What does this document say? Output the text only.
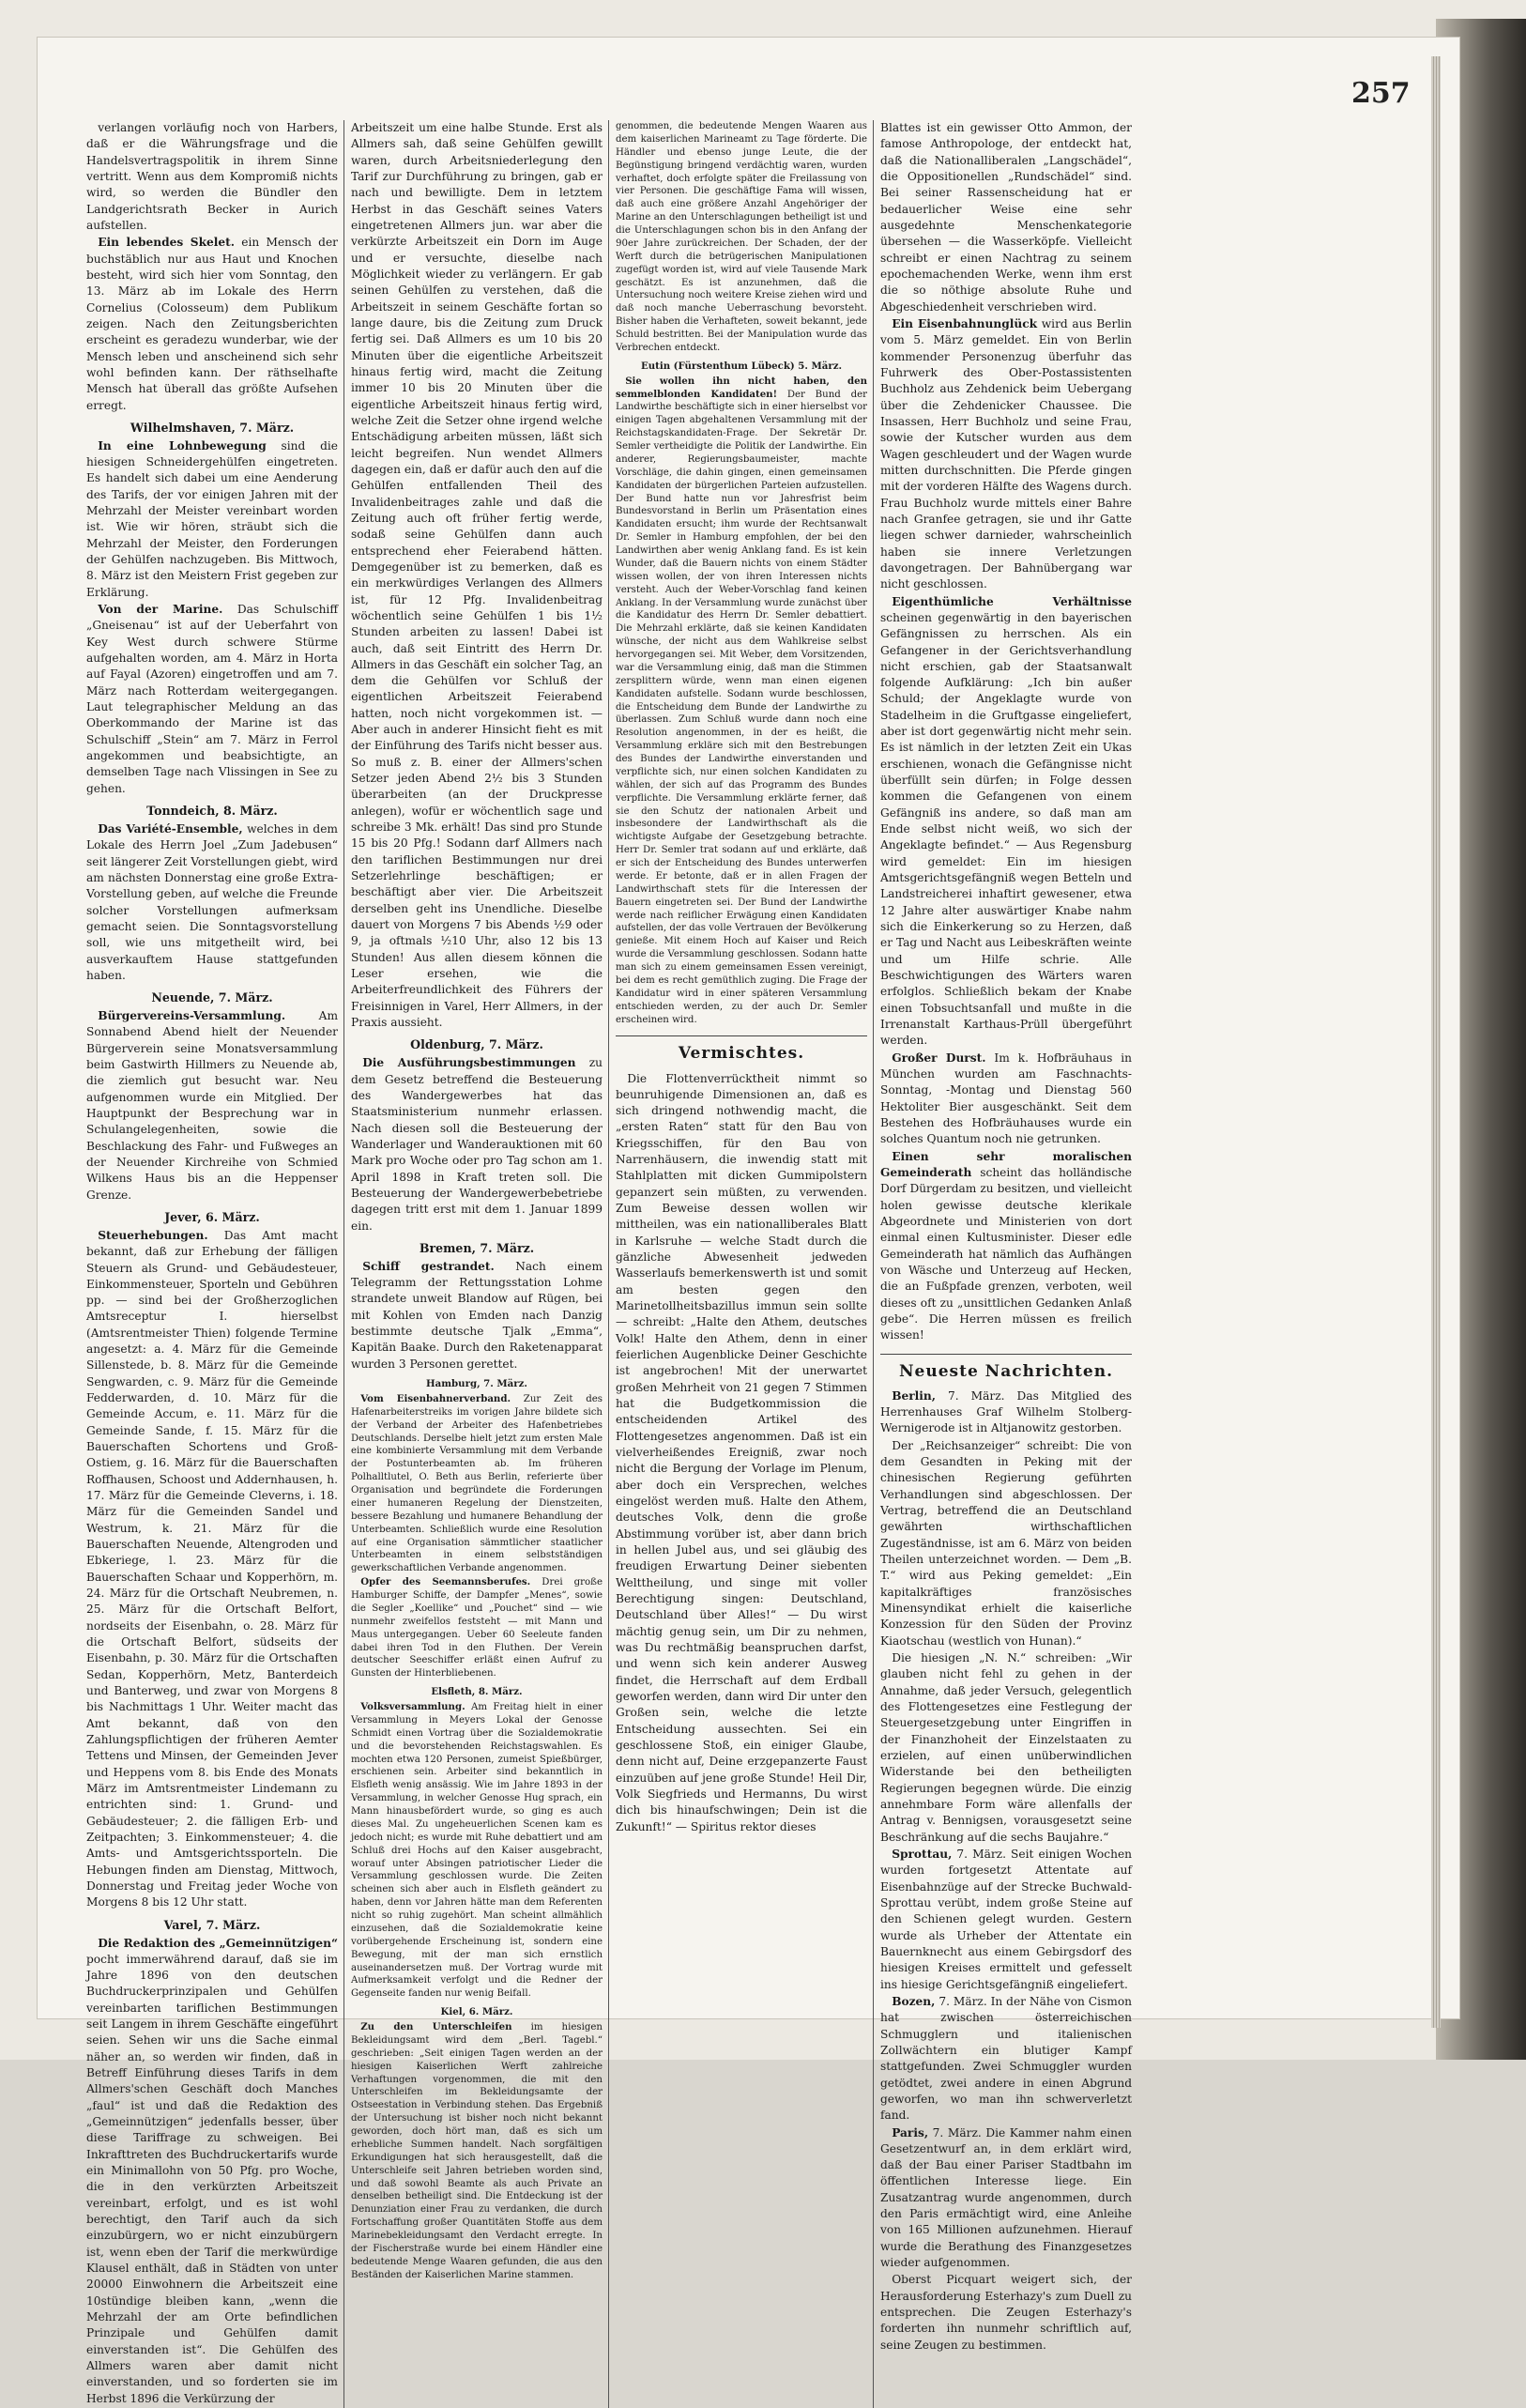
257

verlangen vorläufig noch von Harbers, daß er die Währungsfrage und die Handelsvertragspolitik in ihrem Sinne vertritt. Wenn aus dem Kompromiß nichts wird, so werden die Bündler den Landgerichtsrath Becker in Aurich aufstellen.

Ein lebendes Skelet. ein Mensch der buchstäblich nur aus Haut und Knochen besteht, wird sich hier vom Sonntag, den 13. März ab im Lokale des Herrn Cornelius (Colosseum) dem Publikum zeigen. Nach den Zeitungsberichten erscheint es geradezu wunderbar, wie der Mensch leben und anscheinend sich sehr wohl befinden kann. Der räthselhafte Mensch hat überall das größte Aufsehen erregt.

Wilhelmshaven, 7. März.

In eine Lohnbewegung sind die hiesigen Schneidergehülfen eingetreten. Es handelt sich dabei um eine Aenderung des Tarifs, der vor einigen Jahren mit der Mehrzahl der Meister vereinbart worden ist. Wie wir hören, sträubt sich die Mehrzahl der Meister, den Forderungen der Gehülfen nachzugeben. Bis Mittwoch, 8. März ist den Meistern Frist gegeben zur Erklärung.

Von der Marine. Das Schulschiff „Gneisenau“ ist auf der Ueberfahrt von Key West durch schwere Stürme aufgehalten worden, am 4. März in Horta auf Fayal (Azoren) eingetroffen und am 7. März nach Rotterdam weitergegangen. Laut telegraphischer Meldung an das Oberkommando der Marine ist das Schulschiff „Stein“ am 7. März in Ferrol angekommen und beabsichtigte, an demselben Tage nach Vlissingen in See zu gehen.

Tonndeich, 8. März.

Das Variété-Ensemble, welches in dem Lokale des Herrn Joel „Zum Jadebusen“ seit längerer Zeit Vorstellungen giebt, wird am nächsten Donnerstag eine große Extra-Vorstellung geben, auf welche die Freunde solcher Vorstellungen aufmerksam gemacht seien. Die Sonntagsvorstellung soll, wie uns mitgetheilt wird, bei ausverkauftem Hause stattgefunden haben.

Neuende, 7. März.

Bürgervereins-Versammlung.	Am Sonnabend Abend hielt der Neuender Bürgerverein seine Monatsversammlung beim Gastwirth Hillmers zu Neuende ab, die ziemlich gut besucht war. Neu aufgenommen wurde ein Mitglied. Der Hauptpunkt der Besprechung war in Schulangelegenheiten, sowie die Beschlackung des Fahr- und Fußweges an der Neuender Kirchreihe von Schmied Wilkens Haus bis an die Heppenser Grenze.

Jever, 6. März.

Steuerhebungen. Das Amt macht bekannt, daß zur Erhebung der fälligen Steuern als Grund- und Gebäudesteuer, Einkommensteuer, Sporteln und Gebühren pp. — sind bei der Großherzoglichen Amtsreceptur I. hierselbst (Amtsrentmeister Thien) folgende Termine angesetzt: a. 4. März für die Gemeinde Sillenstede, b. 8. März für die Gemeinde Sengwarden, c. 9. März für die Gemeinde Fedderwarden, d. 10. März für die Gemeinde Accum, e. 11. März für die Gemeinde Sande, f. 15. März für die Bauerschaften Schortens und Groß-Ostiem, g. 16. März für die Bauerschaften Roffhausen, Schoost und Addernhausen, h. 17. März für die Gemeinde Cleverns, i. 18. März für die Gemeinden Sandel und Westrum, k. 21. März für die Bauerschaften Neuende, Altengroden und Ebkeriege, l. 23. März für die Bauerschaften Schaar und Kopperhörn, m. 24. März für die Ortschaft Neubremen, n. 25. März für die Ortschaft Belfort, nordseits der Eisenbahn, o. 28. März für die Ortschaft Belfort, südseits der Eisenbahn, p. 30. März für die Ortschaften Sedan, Kopperhörn, Metz, Banterdeich und Banterweg, und zwar von Morgens 8 bis Nachmittags 1 Uhr. Weiter macht das Amt bekannt, daß von den Zahlungspflichtigen der früheren Aemter Tettens und Minsen, der Gemeinden Jever und Heppens vom 8. bis Ende des Monats März im Amtsrentmeister Lindemann zu entrichten sind: 1. Grund- und Gebäudesteuer; 2. die fälligen Erb- und Zeitpachten; 3. Einkommensteuer; 4. die Amts- und Amtsgerichtssporteln. Die Hebungen finden am Dienstag, Mittwoch, Donnerstag und Freitag jeder Woche von Morgens 8 bis 12 Uhr statt.

Varel, 7. März.

Die Redaktion des „Gemeinnützigen“ pocht immerwährend darauf, daß sie im Jahre 1896 von den deutschen Buchdruckerprinzipalen und Gehülfen vereinbarten tariflichen Bestimmungen seit Langem in ihrem Geschäfte eingeführt seien. Sehen wir uns die Sache einmal näher an, so werden wir finden, daß in Betreff Einführung dieses Tarifs in dem Allmers'schen Geschäft doch Manches „faul“ ist und daß die Redaktion des „Gemeinnützigen“ jedenfalls besser, über diese Tariffrage zu schweigen. Bei Inkrafttreten des Buchdruckertarifs wurde ein Minimallohn von 50 Pfg. pro Woche, die in den verkürzten Arbeitszeit vereinbart, erfolgt, und es ist wohl berechtigt, den Tarif auch da sich einzubürgern, wo er nicht einzubürgern ist, wenn eben der Tarif die merkwürdige Klausel enthält, daß in Städten von unter 20000 Einwohnern die Arbeitszeit eine 10stündige bleiben kann, „wenn die Mehrzahl der am Orte befindlichen Prinzipale und Gehülfen damit einverstanden ist“. Die Gehülfen des Allmers waren aber damit nicht einverstanden, und so forderten sie im Herbst 1896 die Verkürzung der

Arbeitszeit um eine halbe Stunde. Erst als Allmers sah, daß seine Gehülfen gewillt waren, durch Arbeitsniederlegung den Tarif zur Durchführung zu bringen, gab er nach und bewilligte. Dem in letztem Herbst in das Geschäft seines Vaters eingetretenen Allmers jun. war aber die verkürzte Arbeitszeit ein Dorn im Auge und er versuchte, dieselbe nach Möglichkeit wieder zu verlängern. Er gab seinen Gehülfen zu verstehen, daß die Arbeitszeit in seinem Geschäfte fortan so lange daure, bis die Zeitung zum Druck fertig sei. Daß Allmers es um 10 bis 20 Minuten über die eigentliche Arbeitszeit hinaus fertig wird, macht die Zeitung immer 10 bis 20 Minuten über die eigentliche Arbeitszeit hinaus fertig wird, welche Zeit die Setzer ohne irgend welche Entschädigung arbeiten müssen, läßt sich leicht begreifen. Nun wendet Allmers dagegen ein, daß er dafür auch den auf die Gehülfen entfallenden Theil des Invalidenbeitrages zahle und daß die Zeitung auch oft früher fertig werde, sodaß seine Gehülfen dann auch entsprechend eher Feierabend hätten. Demgegenüber ist zu bemerken, daß es ein merkwürdiges Verlangen des Allmers ist, für 12 Pfg. Invalidenbeitrag wöchentlich seine Gehülfen 1 bis 1½ Stunden arbeiten zu lassen! Dabei ist auch, daß seit Eintritt des Herrn Dr. Allmers in das Geschäft ein solcher Tag, an dem die Gehülfen vor Schluß der eigentlichen Arbeitszeit Feierabend hatten, noch nicht vorgekommen ist. — Aber auch in anderer Hinsicht fieht es mit der Einführung des Tarifs nicht besser aus. So muß z. B. einer der Allmers'schen Setzer jeden Abend 2½ bis 3 Stunden überarbeiten (an der Druckpresse anlegen), wofür er wöchentlich sage und schreibe 3 Mk. erhält! Das sind pro Stunde 15 bis 20 Pfg.! Sodann darf Allmers nach den tariflichen Bestimmungen nur drei Setzerlehrlinge beschäftigen; er beschäftigt aber vier. Die Arbeitszeit derselben geht ins Unendliche. Dieselbe dauert von Morgens 7 bis Abends ½9 oder 9, ja oftmals ½10 Uhr, also 12 bis 13 Stunden! Aus allen diesem können die Leser ersehen, wie die Arbeiterfreundlichkeit des Führers der Freisinnigen in Varel, Herr Allmers, in der Praxis aussieht.

Oldenburg, 7. März.

Die Ausführungsbestimmungen zu dem Gesetz betreffend die Besteuerung des Wandergewerbes hat das Staatsministerium nunmehr erlassen. Nach diesen soll die Besteuerung der Wanderlager und Wanderauktionen mit 60 Mark pro Woche oder pro Tag schon am 1. April 1898 in Kraft treten soll. Die Besteuerung der Wandergewerbebetriebe dagegen tritt erst mit dem 1. Januar 1899 ein.

Bremen, 7. März.

Schiff gestrandet. Nach einem Telegramm der Rettungsstation Lohme strandete unweit Blandow auf Rügen, bei mit Kohlen von Emden nach Danzig bestimmte deutsche Tjalk „Emma“, Kapitän Baake. Durch den Raketenapparat wurden 3 Personen gerettet.

Hamburg, 7. März.

Vom Eisenbahnerverband. Zur Zeit des Hafenarbeiterstreiks im vorigen Jahre bildete sich der Verband der Arbeiter des Hafenbetriebes Deutschlands. Derselbe hielt jetzt zum ersten Male eine kombinierte Versammlung mit dem Verbande der Postunterbeamten ab. Im früheren Polhalltlutel, O. Beth aus Berlin, referierte über Organisation und begründete die Forderungen einer humaneren Regelung der Dienstzeiten, bessere Bezahlung und humanere Behandlung der Unterbeamten. Schließlich wurde eine Resolution auf eine Organisation sämmtlicher staatlicher Unterbeamten in einem selbstständigen gewerkschaftlichen Verbande angenommen.

Opfer des Seemannsberufes. Drei große Hamburger Schiffe, der Dampfer „Menes“, sowie die Segler „Koellike“ und „Pouchet“ sind — wie nunmehr zweifellos feststeht — mit Mann und Maus untergegangen. Ueber 60 Seeleute fanden dabei ihren Tod in den Fluthen. Der Verein deutscher Seeschiffer erläßt einen Aufruf zu Gunsten der Hinterbliebenen.

Elsfleth, 8. März.

Volksversammlung. Am Freitag hielt in einer Versammlung in Meyers Lokal der Genosse Schmidt einen Vortrag über die Sozialdemokratie und die bevorstehenden Reichstagswahlen. Es mochten etwa 120 Personen, zumeist Spießbürger, erschienen sein. Arbeiter sind bekanntlich in Elsfleth wenig ansässig. Wie im Jahre 1893 in der Versammlung, in welcher Genosse Hug sprach, ein Mann hinausbefördert wurde, so ging es auch dieses Mal. Zu ungeheuerlichen Scenen kam es jedoch nicht; es wurde mit Ruhe debattiert und am Schluß drei Hochs auf den Kaiser ausgebracht, worauf unter Absingen patriotischer Lieder die Versammlung geschlossen wurde. Die Zeiten scheinen sich aber auch in Elsfleth geändert zu haben, denn vor Jahren hätte man dem Referenten nicht so ruhig zugehört. Man scheint allmählich einzusehen, daß die Sozialdemokratie keine vorübergehende Erscheinung ist, sondern eine Bewegung, mit der man sich ernstlich auseinandersetzen muß. Der Vortrag wurde mit Aufmerksamkeit verfolgt und die Redner der Gegenseite fanden nur wenig Beifall.

Kiel, 6. März.

Zu den Unterschleifen im hiesigen Bekleidungsamt wird dem „Berl. Tagebl.“ geschrieben: „Seit einigen Tagen werden an der hiesigen Kaiserlichen Werft zahlreiche Verhaftungen vorgenommen, die mit den Unterschleifen im Bekleidungsamte der Ostseestation in Verbindung stehen. Das Ergebniß der Untersuchung ist bisher noch nicht bekannt geworden, doch hört man, daß es sich um erhebliche Summen handelt. Nach sorgfältigen Erkundigungen hat sich herausgestellt, daß die Unterschleife seit Jahren betrieben worden sind, und daß sowohl Beamte als auch Private an denselben betheiligt sind. Die Entdeckung ist der Denunziation einer Frau zu verdanken, die durch Fortschaffung großer Quantitäten Stoffe aus dem Marinebekleidungsamt den Verdacht erregte. In der Fischerstraße wurde bei einem Händler eine bedeutende Menge Waaren gefunden, die aus den Beständen der Kaiserlichen Marine stammen.

genommen, die bedeutende Mengen Waaren aus dem kaiserlichen Marineamt zu Tage förderte. Die Händler und ebenso junge Leute, die der Begünstigung bringend verdächtig waren, wurden verhaftet, doch erfolgte später die Freilassung von vier Personen. Die geschäftige Fama will wissen, daß auch eine größere Anzahl Angehöriger der Marine an den Unterschlagungen betheiligt ist und die Unterschlagungen schon bis in den Anfang der 90er Jahre zurückreichen. Der Schaden, der der Werft durch die betrügerischen Manipulationen zugefügt worden ist, wird auf viele Tausende Mark geschätzt. Es ist anzunehmen, daß die Untersuchung noch weitere Kreise ziehen wird und daß noch manche Ueberraschung bevorsteht. Bisher haben die Verhafteten, soweit bekannt, jede Schuld bestritten. Bei der Manipulation wurde das Verbrechen entdeckt.

Eutin (Fürstenthum Lübeck) 5. März.

Sie wollen ihn nicht haben, den semmelblonden Kandidaten! Der Bund der Landwirthe beschäftigte sich in einer hierselbst vor einigen Tagen abgehaltenen Versammlung mit der Reichstagskandidaten-Frage. Der Sekretär Dr. Semler vertheidigte die Politik der Landwirthe. Ein anderer, Regierungsbaumeister, machte Vorschläge, die dahin gingen, einen gemeinsamen Kandidaten der bürgerlichen Parteien aufzustellen. Der Bund hatte nun vor Jahresfrist beim Bundesvorstand in Berlin um Präsentation eines Kandidaten ersucht; ihm wurde der Rechtsanwalt Dr. Semler in Hamburg empfohlen, der bei den Landwirthen aber wenig Anklang fand. Es ist kein Wunder, daß die Bauern nichts von einem Städter wissen wollen, der von ihren Interessen nichts versteht. Auch der Weber-Vorschlag fand keinen Anklang. In der Versammlung wurde zunächst über die Kandidatur des Herrn Dr. Semler debattiert. Die Mehrzahl erklärte, daß sie keinen Kandidaten wünsche, der nicht aus dem Wahlkreise selbst hervorgegangen sei. Mit Weber, dem Vorsitzenden, war die Versammlung einig, daß man die Stimmen zersplittern würde, wenn man einen eigenen Kandidaten aufstelle. Sodann wurde beschlossen, die Entscheidung dem Bunde der Landwirthe zu überlassen. Zum Schluß wurde dann noch eine Resolution angenommen, in der es heißt, die Versammlung erkläre sich mit den Bestrebungen des Bundes der Landwirthe einverstanden und verpflichte sich, nur einen solchen Kandidaten zu wählen, der sich auf das Programm des Bundes verpflichte. Die Versammlung erklärte ferner, daß sie den Schutz der nationalen Arbeit und insbesondere der Landwirthschaft als die wichtigste Aufgabe der Gesetzgebung betrachte. Herr Dr. Semler trat sodann auf und erklärte, daß er sich der Entscheidung des Bundes unterwerfen werde. Er betonte, daß er in allen Fragen der Landwirthschaft stets für die Interessen der Bauern eingetreten sei. Der Bund der Landwirthe werde nach reiflicher Erwägung einen Kandidaten aufstellen, der das volle Vertrauen der Bevölkerung genieße. Mit einem Hoch auf Kaiser und Reich wurde die Versammlung geschlossen. Sodann hatte man sich zu einem gemeinsamen Essen vereinigt, bei dem es recht gemüthlich zuging. Die Frage der Kandidatur wird in einer späteren Versammlung entschieden werden, zu der auch Dr. Semler erscheinen wird.

Vermischtes.

Die Flottenverrücktheit nimmt so beunruhigende Dimensionen an, daß es sich dringend nothwendig macht, die „ersten Raten“ statt für den Bau von Kriegsschiffen, für den Bau von Narrenhäusern, die inwendig statt mit Stahlplatten mit dicken Gummipolstern gepanzert sein müßten, zu verwenden. Zum Beweise dessen wollen wir mittheilen, was ein nationalliberales Blatt in Karlsruhe — welche Stadt durch die gänzliche Abwesenheit jedweden Wasserlaufs bemerkenswerth ist und somit am besten gegen den Marinetollheitsbazillus immun sein sollte — schreibt: „Halte den Athem, deutsches Volk! Halte den Athem, denn in einer feierlichen Augenblicke Deiner Geschichte ist angebrochen! Mit der unerwartet großen Mehrheit von 21 gegen 7 Stimmen hat die Budgetkommission die entscheidenden Artikel des Flottengesetzes angenommen. Daß ist ein vielverheißendes Ereigniß, zwar noch nicht die Bergung der Vorlage im Plenum, aber doch ein Versprechen, welches eingelöst werden muß. Halte den Athem, deutsches Volk, denn die große Abstimmung vorüber ist, aber dann brich in hellen Jubel aus, und sei gläubig des freudigen Erwartung Deiner siebenten Welttheilung, und singe mit voller Berechtigung singen: Deutschland, Deutschland über Alles!“ — Du wirst mächtig genug sein, um Dir zu nehmen, was Du rechtmäßig beanspruchen darfst, und wenn sich kein anderer Ausweg findet, die Herrschaft auf dem Erdball geworfen werden, dann wird Dir unter den Großen sein, welche die letzte Entscheidung aussechten. Sei ein geschlossene Stoß, ein einiger Glaube, denn nicht auf, Deine erzgepanzerte Faust einzuüben auf jene große Stunde! Heil Dir, Volk Siegfrieds und Hermanns, Du wirst dich bis hinaufschwingen; Dein ist die Zukunft!“ — Spiritus rektor dieses

Blattes ist ein gewisser Otto Ammon, der famose Anthropologe, der entdeckt hat, daß die Nationalliberalen „Langschädel“, die Oppositionellen „Rundschädel“ sind. Bei seiner Rassenscheidung hat er bedauerlicher Weise eine sehr ausgedehnte Menschenkategorie übersehen — die Wasserköpfe. Vielleicht schreibt er einen Nachtrag zu seinem epochemachenden Werke, wenn ihm erst die so nöthige absolute Ruhe und Abgeschiedenheit verschrieben wird.

Ein Eisenbahnunglück wird aus Berlin vom 5. März gemeldet. Ein von Berlin kommender Personenzug überfuhr das Fuhrwerk des Ober-Postassistenten Buchholz aus Zehdenick beim Uebergang über die Zehdenicker Chaussee. Die Insassen, Herr Buchholz und seine Frau, sowie der Kutscher wurden aus dem Wagen geschleudert und der Wagen wurde mitten durchschnitten. Die Pferde gingen mit der vorderen Hälfte des Wagens durch. Frau Buchholz wurde mittels einer Bahre nach Granfee getragen, sie und ihr Gatte liegen schwer darnieder, wahrscheinlich haben sie innere Verletzungen davongetragen. Der Bahnübergang war nicht geschlossen.

Eigenthümliche Verhältnisse scheinen gegenwärtig in den bayerischen Gefängnissen zu herrschen. Als ein Gefangener in der Gerichtsverhandlung nicht erschien, gab der Staatsanwalt folgende Aufklärung: „Ich bin außer Schuld; der Angeklagte wurde von Stadelheim in die Gruftgasse eingeliefert, aber ist dort gegenwärtig nicht mehr sein. Es ist nämlich in der letzten Zeit ein Ukas erschienen, wonach die Gefängnisse nicht überfüllt sein dürfen; in Folge dessen kommen die Gefangenen von einem Gefängniß ins andere, so daß man am Ende selbst nicht weiß, wo sich der Angeklagte befindet.“ — Aus Regensburg wird gemeldet: Ein im hiesigen Amtsgerichtsgefängniß wegen Betteln und Landstreicherei inhaftirt gewesener, etwa 12 Jahre alter auswärtiger Knabe nahm sich die Einkerkerung so zu Herzen, daß er Tag und Nacht aus Leibeskräften weinte und um Hilfe schrie. Alle Beschwichtigungen des Wärters waren erfolglos. Schließlich bekam der Knabe einen Tobsuchtsanfall und mußte in die Irrenanstalt Karthaus-Prüll übergeführt werden.

Großer Durst. Im k. Hofbräuhaus in München wurden am Faschnachts-Sonntag, -Montag und Dienstag 560 Hektoliter Bier ausgeschänkt. Seit dem Bestehen des Hofbräuhauses wurde ein solches Quantum noch nie getrunken.

Einen sehr moralischen Gemeinderath scheint das holländische Dorf Dürgerdam zu besitzen, und vielleicht holen gewisse deutsche klerikale Abgeordnete und Ministerien von dort einmal einen Kultusminister. Dieser edle Gemeinderath hat nämlich das Aufhängen von Wäsche und Unterzeug auf Hecken, die an Fußpfade grenzen, verboten, weil dieses oft zu „unsittlichen Gedanken Anlaß gebe“. Die Herren müssen es freilich wissen!

Neueste Nachrichten.

Berlin, 7. März. Das Mitglied des Herrenhauses Graf Wilhelm Stolberg-Wernigerode ist in Altjanowitz gestorben.

Der „Reichsanzeiger“ schreibt: Die von dem Gesandten in Peking mit der chinesischen Regierung geführten Verhandlungen sind abgeschlossen. Der Vertrag, betreffend die an Deutschland gewährten wirthschaftlichen Zugeständnisse, ist am 6. März von beiden Theilen unterzeichnet worden. — Dem „B. T.“ wird aus Peking gemeldet: „Ein kapitalkräftiges französisches Minensyndikat erhielt die kaiserliche Konzession für den Süden der Provinz Kiaotschau (westlich von Hunan).“

Die hiesigen „N. N.“ schreiben: „Wir glauben nicht fehl zu gehen in der Annahme, daß jeder Versuch, gelegentlich des Flottengesetzes eine Festlegung der Steuergesetzgebung unter Eingriffen in der Finanzhoheit der Einzelstaaten zu erzielen, auf einen unüberwindlichen Widerstande bei den betheiligten Regierungen begegnen würde. Die einzig annehmbare Form wäre allenfalls der Antrag v. Bennigsen, vorausgesetzt seine Beschränkung auf die sechs Baujahre.“

Sprottau, 7. März. Seit einigen Wochen wurden fortgesetzt Attentate auf Eisenbahnzüge auf der Strecke Buchwald-Sprottau verübt, indem große Steine auf den Schienen gelegt wurden. Gestern wurde als Urheber der Attentate ein Bauernknecht aus einem Gebirgsdorf des hiesigen Kreises ermittelt und gefesselt ins hiesige Gerichtsgefängniß eingeliefert.

Bozen, 7. März. In der Nähe von Cismon hat zwischen österreichischen Schmugglern und italienischen Zollwächtern ein blutiger Kampf stattgefunden. Zwei Schmuggler wurden getödtet, zwei andere in einen Abgrund geworfen, wo man ihn schwerverletzt fand.

Paris, 7. März. Die Kammer nahm einen Gesetzentwurf an, in dem erklärt wird, daß der Bau einer Pariser Stadtbahn im öffentlichen Interesse liege. Ein Zusatzantrag wurde angenommen, durch den Paris ermächtigt wird, eine Anleihe von 165 Millionen aufzunehmen. Hierauf wurde die Berathung des Finanzgesetzes wieder aufgenommen.

Oberst Picquart weigert sich, der Herausforderung Esterhazy's zum Duell zu entsprechen. Die Zeugen Esterhazy's forderten ihn nunmehr schriftlich auf, seine Zeugen zu bestimmen.
